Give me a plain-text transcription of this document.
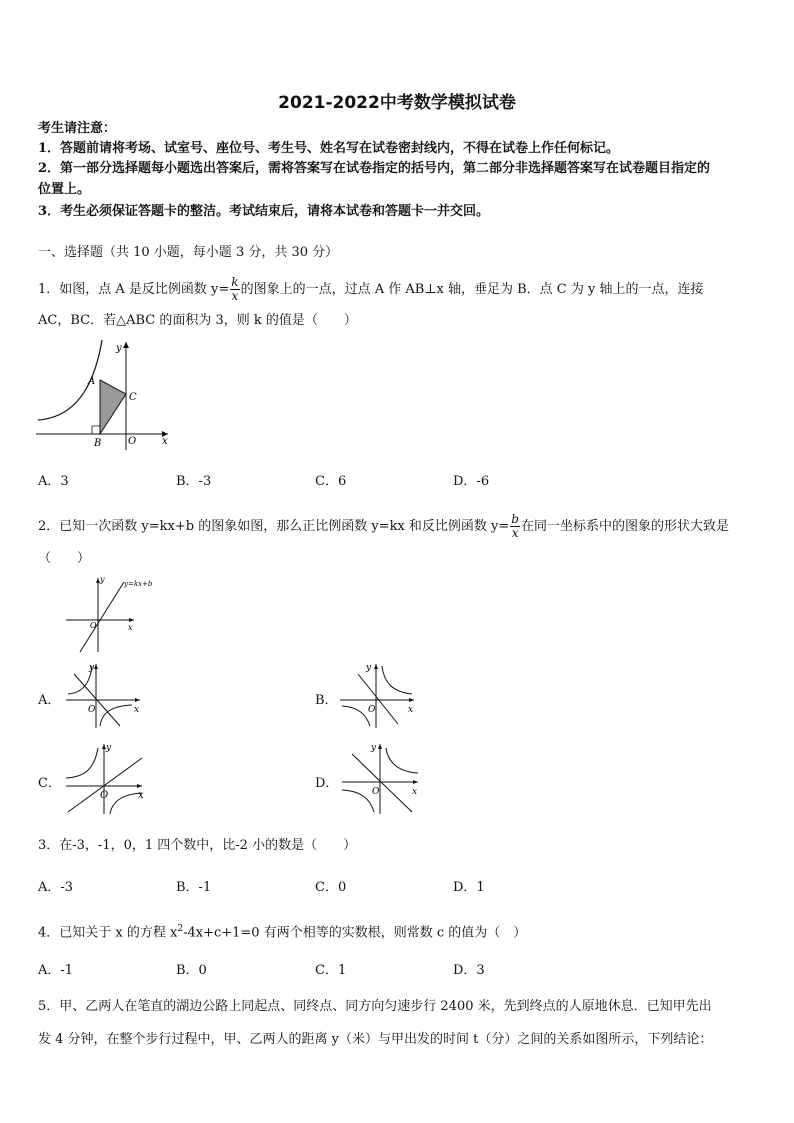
2021-2022中考数学模拟试卷
考生请注意：
1．答题前请将考场、试室号、座位号、考生号、姓名写在试卷密封线内，不得在试卷上作任何标记。
2．第一部分选择题每小题选出答案后，需将答案写在试卷指定的括号内，第二部分非选择题答案写在试卷题目指定的
位置上。
3．考生必须保证答题卡的整洁。考试结束后，请将本试卷和答题卡一并交回。
一、选择题（共 10 小题，每小题 3 分，共 30 分）
1．如图，点 A 是反比例函数 $y= \frac{k}{x}$ 的图象上的一点，过点 A 作 AB⊥x 轴，垂足为 B．点 C 为 y 轴上的一点，连接
AC，BC．若△ABC 的面积为 3，则 k 的值是（　　）
y
x
A
B
C
O
A．3	B．-3	C．6	D．-6
2．已知一次函数 y=kx+b 的图象如图，那么正比例函数 y=kx 和反比例函数 $y= \frac{b}{x}$ 在同一坐标系中的图象的形状大致是
（　　）
y=kx+b
y
x
O
A．
y
x
O
B．
y
x
O
C．
y
x
O
D．
y
x
O
3．在-3，-1，0，1 四个数中，比-2 小的数是（　　）
A．-3	B．-1	C．0	D．1
4．已知关于 x 的方程 $x^2-4x+c+1=0$ 有两个相等的实数根，则常数 c 的值为（　）
A．-1	B．0	C．1	D．3
5．甲、乙两人在笔直的湖边公路上同起点、同终点、同方向匀速步行 2400 米，先到终点的人原地休息．已知甲先出
发 4 分钟，在整个步行过程中，甲、乙两人的距离 y（米）与甲出发的时间 t（分）之间的关系如图所示，下列结论：
